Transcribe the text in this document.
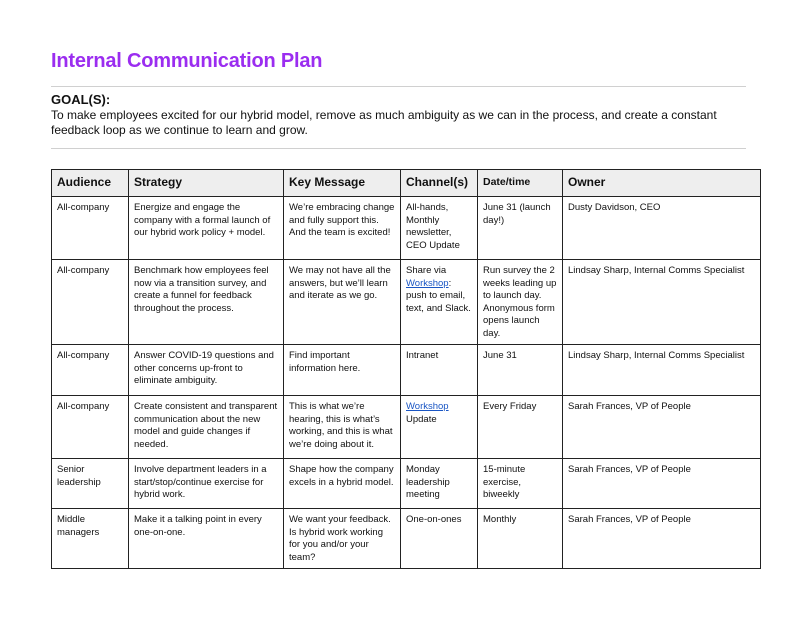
Internal Communication Plan
GOAL(S):
To make employees excited for our hybrid model, remove as much ambiguity as we can in the process, and create a constant feedback loop as we continue to learn and grow.
Audience	Strategy	Key Message	Channel(s)	Date/time	Owner
All-company	Energize and engage the company with a formal launch of our hybrid work policy + model.	We’re embracing change and fully support this. And the team is excited!	All-hands, Monthly newsletter, CEO Update	June 31 (launch day!)	Dusty Davidson, CEO
All-company	Benchmark how employees feel now via a transition survey, and create a funnel for feedback throughout the process.	We may not have all the answers, but we’ll learn and iterate as we go.	Share via Workshop: push to email, text, and Slack.	Run survey the 2 weeks leading up to launch day. Anonymous form opens launch day.	Lindsay Sharp, Internal Comms Specialist
All-company	Answer COVID-19 questions and other concerns up-front to eliminate ambiguity.	Find important information here.	Intranet	June 31	Lindsay Sharp, Internal Comms Specialist
All-company	Create consistent and transparent communication about the new model and guide changes if needed.	This is what we’re hearing, this is what’s working, and this is what we’re doing about it.	Workshop Update	Every Friday	Sarah Frances, VP of People
Senior leadership	Involve department leaders in a start/stop/continue exercise for hybrid work.	Shape how the company excels in a hybrid model.	Monday leadership meeting	15-minute exercise, biweekly	Sarah Frances, VP of People
Middle managers	Make it a talking point in every one-on-one.	We want your feedback. Is hybrid work working for you and/or your team?	One-on-ones	Monthly	Sarah Frances, VP of People
